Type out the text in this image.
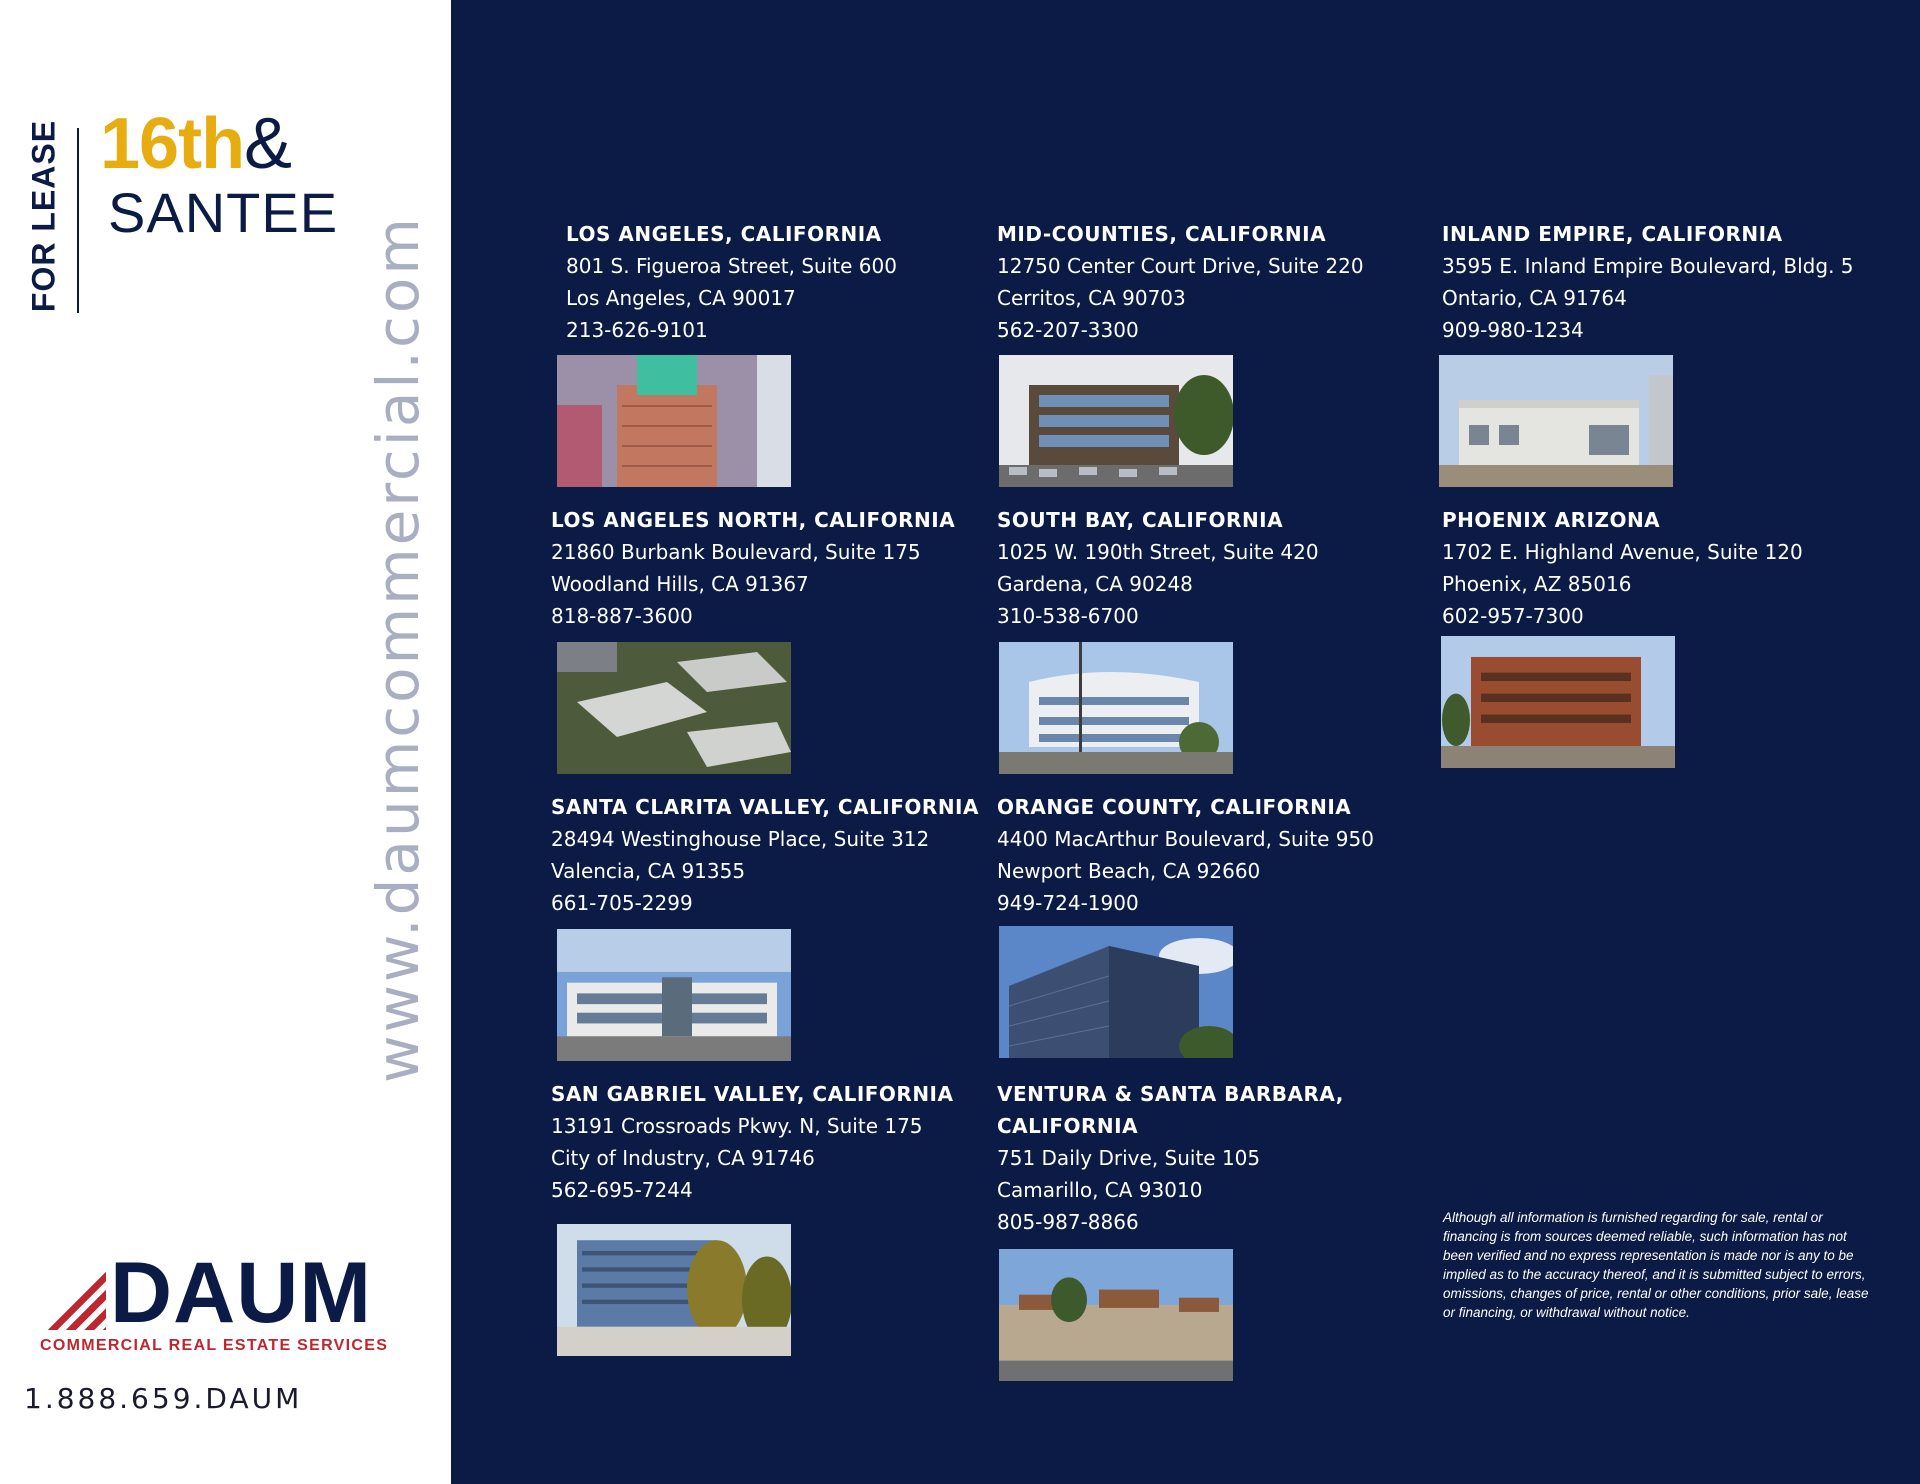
FOR LEASE 16th&
SANTEE
www.daumcommercial.com
DAUM
COMMERCIAL REAL ESTATE SERVICES
1.888.659.DAUM
LOS ANGELES, CALIFORNIA
801 S. Figueroa Street, Suite 600
Los Angeles, CA 90017
213-626-9101
MID-COUNTIES, CALIFORNIA
12750 Center Court Drive, Suite 220
Cerritos, CA 90703
562-207-3300
INLAND EMPIRE, CALIFORNIA
3595 E. Inland Empire Boulevard, Bldg. 5
Ontario, CA 91764
909-980-1234
LOS ANGELES NORTH, CALIFORNIA
21860 Burbank Boulevard, Suite 175
Woodland Hills, CA 91367
818-887-3600
SOUTH BAY, CALIFORNIA
1025 W. 190th Street, Suite 420
Gardena, CA 90248
310-538-6700
PHOENIX ARIZONA
1702 E. Highland Avenue, Suite 120
Phoenix, AZ 85016
602-957-7300
SANTA CLARITA VALLEY, CALIFORNIA
28494 Westinghouse Place, Suite 312
Valencia, CA 91355
661-705-2299
ORANGE COUNTY, CALIFORNIA
4400 MacArthur Boulevard, Suite 950
Newport Beach, CA 92660
949-724-1900
SAN GABRIEL VALLEY, CALIFORNIA
13191 Crossroads Pkwy. N, Suite 175
City of Industry, CA 91746
562-695-7244
VENTURA & SANTA BARBARA,
CALIFORNIA
751 Daily Drive, Suite 105
Camarillo, CA 93010
805-987-8866	Although all information is furnished regarding for sale, rental or financing is from sources deemed reliable, such information has not been verified and no express representation is made nor is any to be implied as to the accuracy thereof, and it is submitted subject to errors, omissions, changes of price, rental or other conditions, prior sale, lease or financing, or withdrawal without notice.
